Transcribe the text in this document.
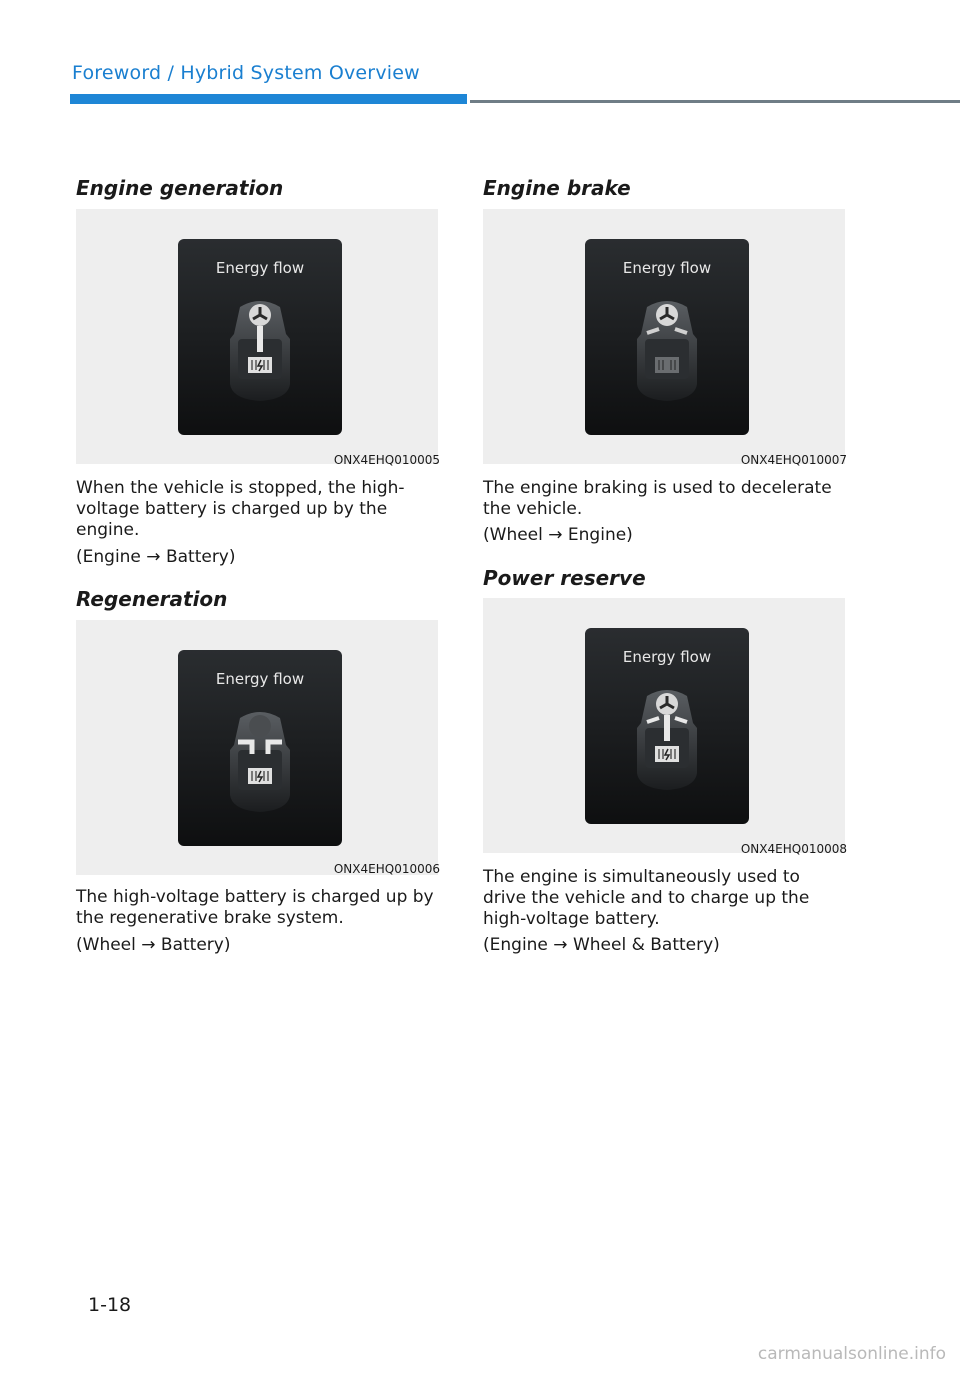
Foreword / Hybrid System Overview
Engine generation
Energy flow
ONX4EHQ010005

When the vehicle is stopped, the high-voltage battery is charged up by the engine.

(Engine → Battery)

Regeneration
Energy flow
ONX4EHQ010006

The high-voltage battery is charged up by the regenerative brake system.

(Wheel → Battery)

Engine brake
Energy flow
ONX4EHQ010007

The engine braking is used to decelerate the vehicle.

(Wheel → Engine)

Power reserve
Energy flow
ONX4EHQ010008

The engine is simultaneously used to drive the vehicle and to charge up the high-voltage battery.

(Engine → Wheel & Battery)

1-18
carmanualsonline.info
